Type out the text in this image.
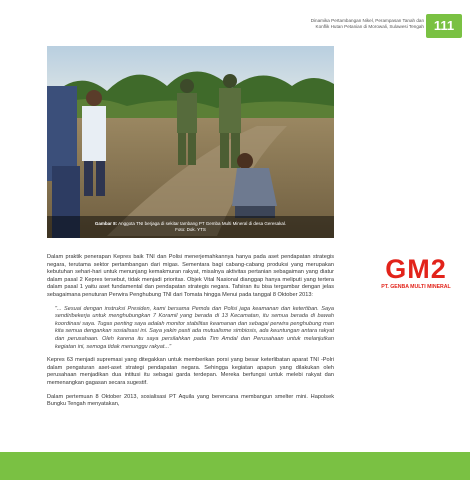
Dinamika Pertambangan Nikel, Perampasan Tanah dan
Konflik Hutan Petanian di Morowali, Sulawesi Tengah 111
Gambar 8: Anggota TNI berjaga di sekitar tambang PT Gemba Multi Mineral di desa Geresakal.
Foto: Dok. YTS
GM2
PT. GENBA MULTI MINERAL

Dalam praktik penerapan Kepres baik TNI dan Polisi menerjemahkannya hanya pada aset pendapatan strategis negara, terutama sektor pertambangan dari migas. Sementara bagi cabang-cabang produksi yang merupakan kebutuhan sehari-hari untuk menunjang kemakmuran rakyat, misalnya aktivitas pertanian sebagaiman yang diatur dalam pasal 2 Kepres tersebut, tidak menjadi prioritas. Objek Vital Nasional dianggap hanya meliputi yang tertera dalam pasal 1 yaitu aset fundamental dan pendapatan strategis negara. Tafsiran itu bisa tergambar dengan jelas sebagaimana penuturan Perwira Penghubung TNI dari Tomata hingga Menui pada tanggal 8 Oktober 2013:

"... Sesuai dengan instruksi Presiden, kami bersama Pemda dan Polisi jaga keamanan dan ketertiban. Saya sendiribekerja untuk menghubungkan 7 Koramil yang berada di 13 Kecamatan, itu semua berada di bawah koordinasi saya. Tugas penting saya adalah monitor stabilitas keamanan dan sebagai perwira penghubung man kita semua dengankan sosialisasi ini. Saya yakin pasti ada mutualisme simbiosis, ada keuntungan antara rakyat dan perusahaan. Oleh karena itu saya persilahkan pada Tim Amdal dan Perusahaan untuk melanjutkan kegiatan ini, semoga tidak menunggu rakyat..."

Kepres 63 menjadi supremasi yang ditegakkan untuk memberikan porsi yang besar keterlibatan aparat TNI -Polri dalam pengaturan aset-aset strategi pendapatan negara. Sehingga kegiatan apapun yang dilakukan oleh perusahaan menjadikan dua intitusi itu sebagai garda terdepan. Mereka berfungsi untuk melebi rakyat dan memenangkan gagasan secara sugestif.

Dalam pertemuan 8 Oktober 2013, sosialisasi PT Aquila yang berencana membangun smelter mini. Hapolsek Bungku Tengah menyatakan,
